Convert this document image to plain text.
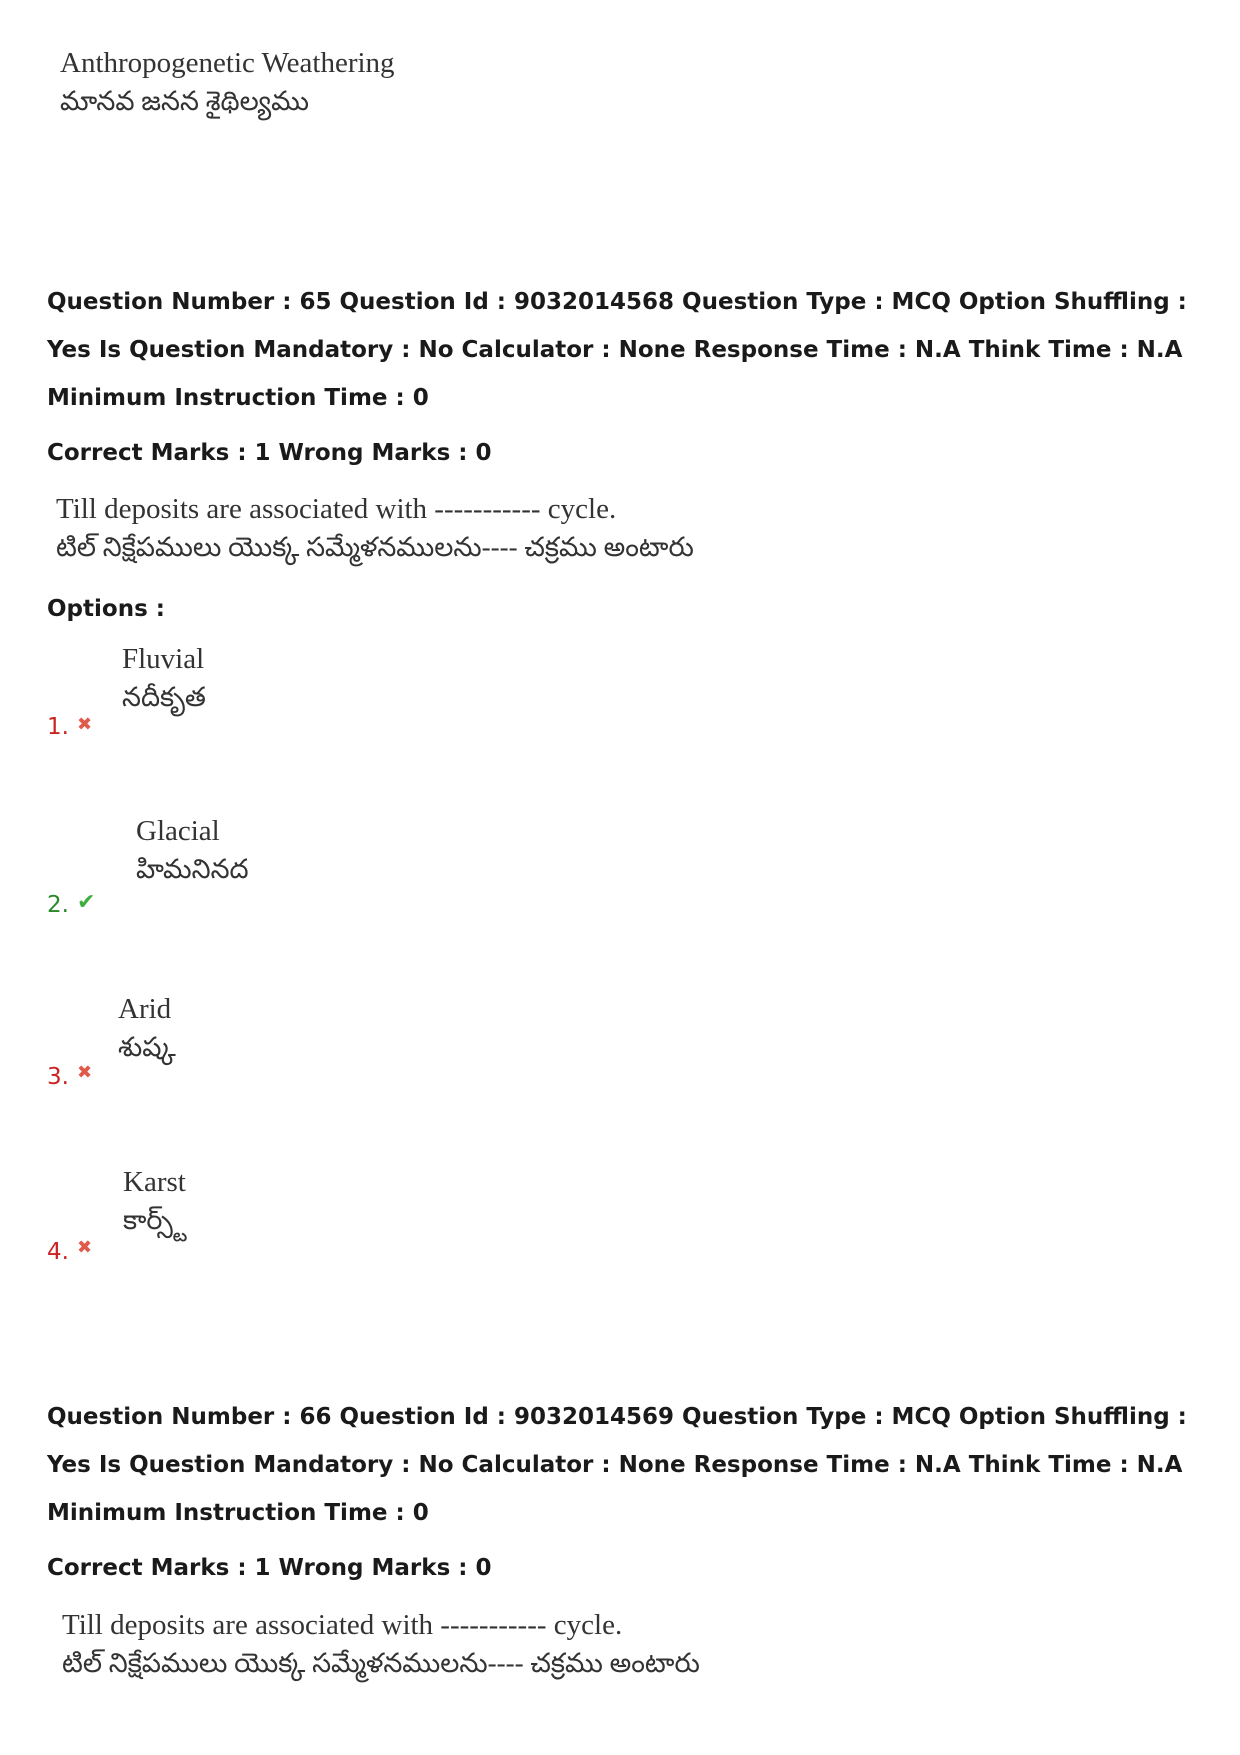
Anthropogenetic Weathering
మానవ జనన శైథిల్యము
Question Number : 65 Question Id : 9032014568 Question Type : MCQ Option Shuffling : Yes Is Question Mandatory : No Calculator : None Response Time : N.A Think Time : N.A Minimum Instruction Time : 0
Correct Marks : 1 Wrong Marks : 0
Till deposits are associated with ----------- cycle.
టిల్ నిక్షేపములు యొక్క సమ్మేళనములను---- చక్రము అంటారు
Options :
1. ✖
Fluvial
నదీకృత
2. ✔
Glacial
హిమనినద
3. ✖
Arid
శుష్క
4. ✖
Karst
కార్స్ట్
Question Number : 66 Question Id : 9032014569 Question Type : MCQ Option Shuffling : Yes Is Question Mandatory : No Calculator : None Response Time : N.A Think Time : N.A Minimum Instruction Time : 0
Correct Marks : 1 Wrong Marks : 0
Till deposits are associated with ----------- cycle.
టిల్ నిక్షేపములు యొక్క సమ్మేళనములను---- చక్రము అంటారు
